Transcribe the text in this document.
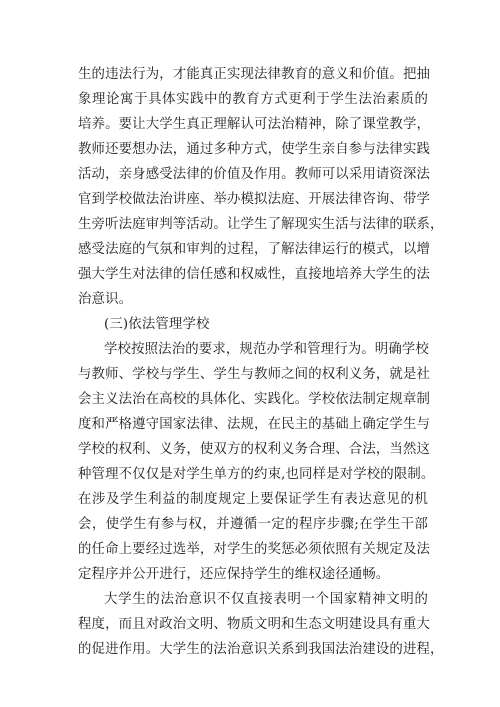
生的违法行为，才能真正实现法律教育的意义和价值。把抽
象理论寓于具体实践中的教育方式更利于学生法治素质的
培养。要让大学生真正理解认可法治精神，除了课堂教学，
教师还要想办法，通过多种方式，使学生亲自参与法律实践
活动，亲身感受法律的价值及作用。教师可以采用请资深法
官到学校做法治讲座、举办模拟法庭、开展法律咨询、带学
生旁听法庭审判等活动。让学生了解现实生活与法律的联系，
感受法庭的气氛和审判的过程，了解法律运行的模式，以增
强大学生对法律的信任感和权威性，直接地培养大学生的法
治意识。
(三)依法管理学校
学校按照法治的要求，规范办学和管理行为。明确学校
与教师、学校与学生、学生与教师之间的权利义务，就是社
会主义法治在高校的具体化、实践化。学校依法制定规章制
度和严格遵守国家法律、法规，在民主的基础上确定学生与
学校的权利、义务，使双方的权利义务合理、合法，当然这
种管理不仅仅是对学生单方的约束,也同样是对学校的限制。
在涉及学生利益的制度规定上要保证学生有表达意见的机
会，使学生有参与权，并遵循一定的程序步骤;在学生干部
的任命上要经过选举，对学生的奖惩必须依照有关规定及法
定程序并公开进行，还应保持学生的维权途径通畅。
大学生的法治意识不仅直接表明一个国家精神文明的
程度，而且对政治文明、物质文明和生态文明建设具有重大
的促进作用。大学生的法治意识关系到我国法治建设的进程，
